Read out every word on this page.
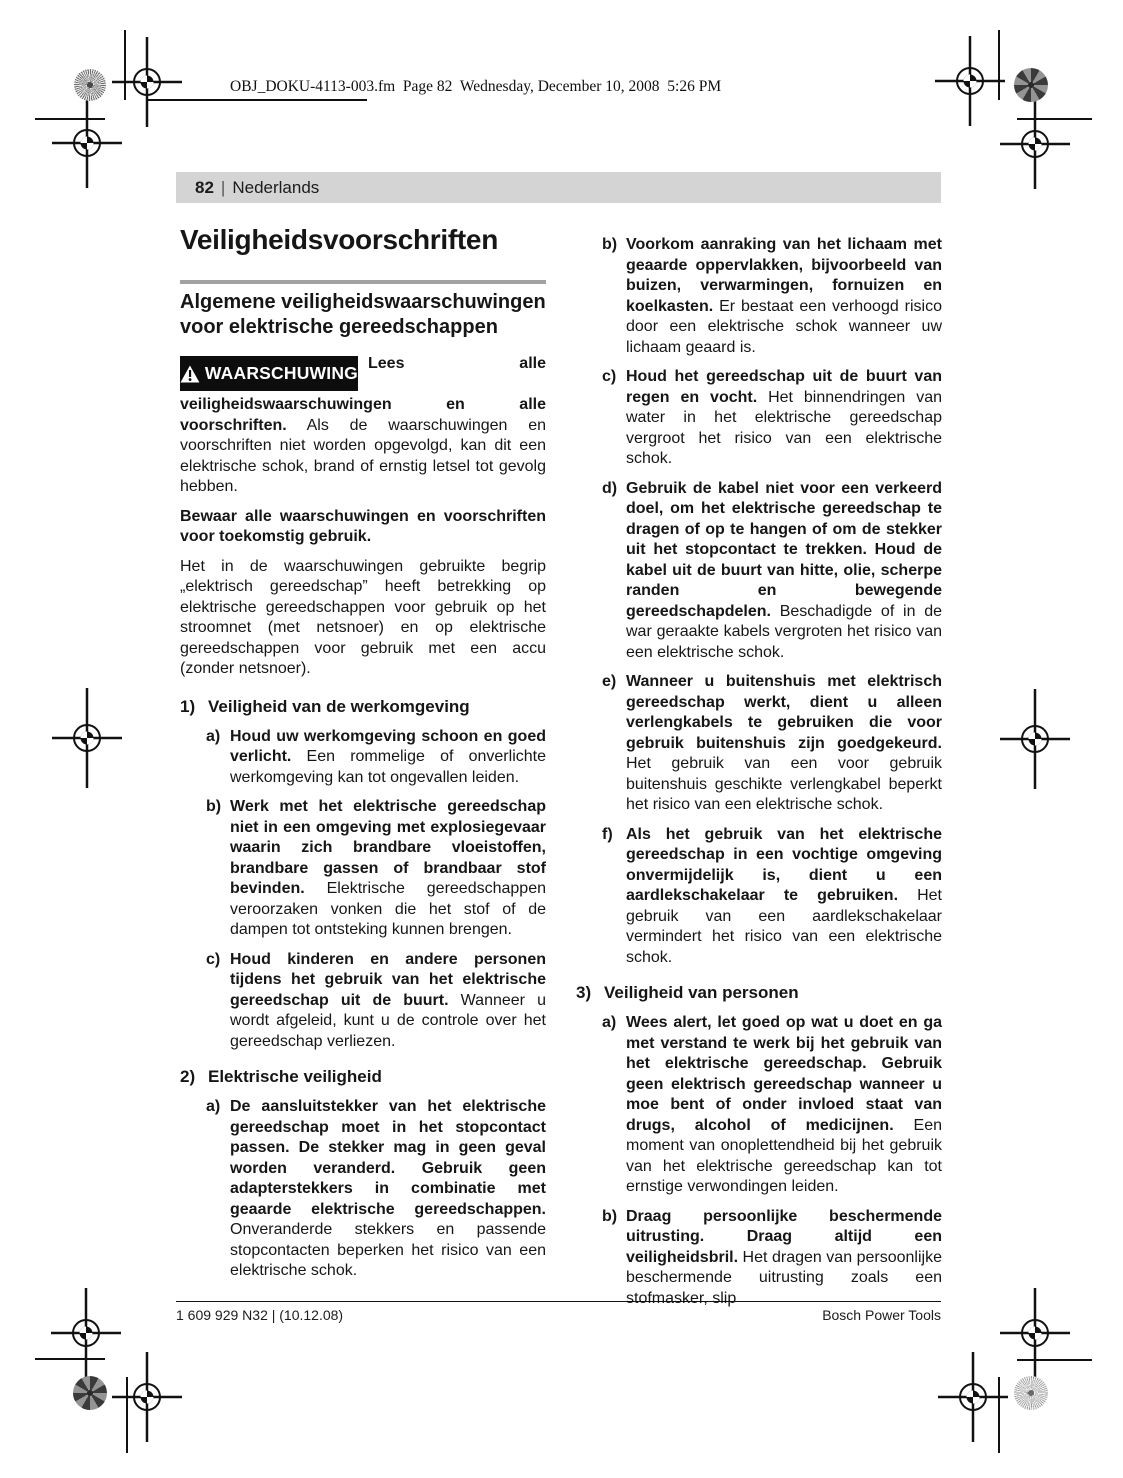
OBJ_DOKU-4113-003.fm  Page 82  Wednesday, December 10, 2008  5:26 PM
82 | Nederlands
Veiligheidsvoorschriften
Algemene veiligheidswaarschuwingen voor elektrische gereedschappen
WAARSCHUWING Lees alle veiligheidswaarschuwingen en alle voorschriften. Als de waarschuwingen en voorschriften niet worden opgevolgd, kan dit een elektrische schok, brand of ernstig letsel tot gevolg hebben.

Bewaar alle waarschuwingen en voorschriften voor toekomstig gebruik.

Het in de waarschuwingen gebruikte begrip „elektrisch gereedschap” heeft betrekking op elektrische gereedschappen voor gebruik op het stroomnet (met netsnoer) en op elektrische gereedschappen voor gebruik met een accu (zonder netsnoer).

1) Veiligheid van de werkomgeving
a) Houd uw werkomgeving schoon en goed verlicht. Een rommelige of onverlichte werkomgeving kan tot ongevallen leiden.
b) Werk met het elektrische gereedschap niet in een omgeving met explosiegevaar waarin zich brandbare vloeistoffen, brandbare gassen of brandbaar stof bevinden. Elektrische gereedschappen veroorzaken vonken die het stof of de dampen tot ontsteking kunnen brengen.
c) Houd kinderen en andere personen tijdens het gebruik van het elektrische gereedschap uit de buurt. Wanneer u wordt afgeleid, kunt u de controle over het gereedschap verliezen.
2) Elektrische veiligheid
a) De aansluitstekker van het elektrische gereedschap moet in het stopcontact passen. De stekker mag in geen geval worden veranderd. Gebruik geen adapterstekkers in combinatie met geaarde elektrische gereedschappen. Onveranderde stekkers en passende stopcontacten beperken het risico van een elektrische schok.
b) Voorkom aanraking van het lichaam met geaarde oppervlakken, bijvoorbeeld van buizen, verwarmingen, fornuizen en koelkasten. Er bestaat een verhoogd risico door een elektrische schok wanneer uw lichaam geaard is.
c) Houd het gereedschap uit de buurt van regen en vocht. Het binnendringen van water in het elektrische gereedschap vergroot het risico van een elektrische schok.
d) Gebruik de kabel niet voor een verkeerd doel, om het elektrische gereedschap te dragen of op te hangen of om de stekker uit het stopcontact te trekken. Houd de kabel uit de buurt van hitte, olie, scherpe randen en bewegende gereedschapdelen. Beschadigde of in de war geraakte kabels vergroten het risico van een elektrische schok.
e) Wanneer u buitenshuis met elektrisch gereedschap werkt, dient u alleen verlengkabels te gebruiken die voor gebruik buitenshuis zijn goedgekeurd. Het gebruik van een voor gebruik buitenshuis geschikte verlengkabel beperkt het risico van een elektrische schok.
f) Als het gebruik van het elektrische gereedschap in een vochtige omgeving onvermijdelijk is, dient u een aardlekschakelaar te gebruiken. Het gebruik van een aardlekschakelaar vermindert het risico van een elektrische schok.
3) Veiligheid van personen
a) Wees alert, let goed op wat u doet en ga met verstand te werk bij het gebruik van het elektrische gereedschap. Gebruik geen elektrisch gereedschap wanneer u moe bent of onder invloed staat van drugs, alcohol of medicijnen. Een moment van onoplettendheid bij het gebruik van het elektrische gereedschap kan tot ernstige verwondingen leiden.
b) Draag persoonlijke beschermende uitrusting. Draag altijd een veiligheidsbril. Het dragen van persoonlijke beschermende uitrusting zoals een stofmasker, slip
1 609 929 N32 | (10.12.08)	Bosch Power Tools
